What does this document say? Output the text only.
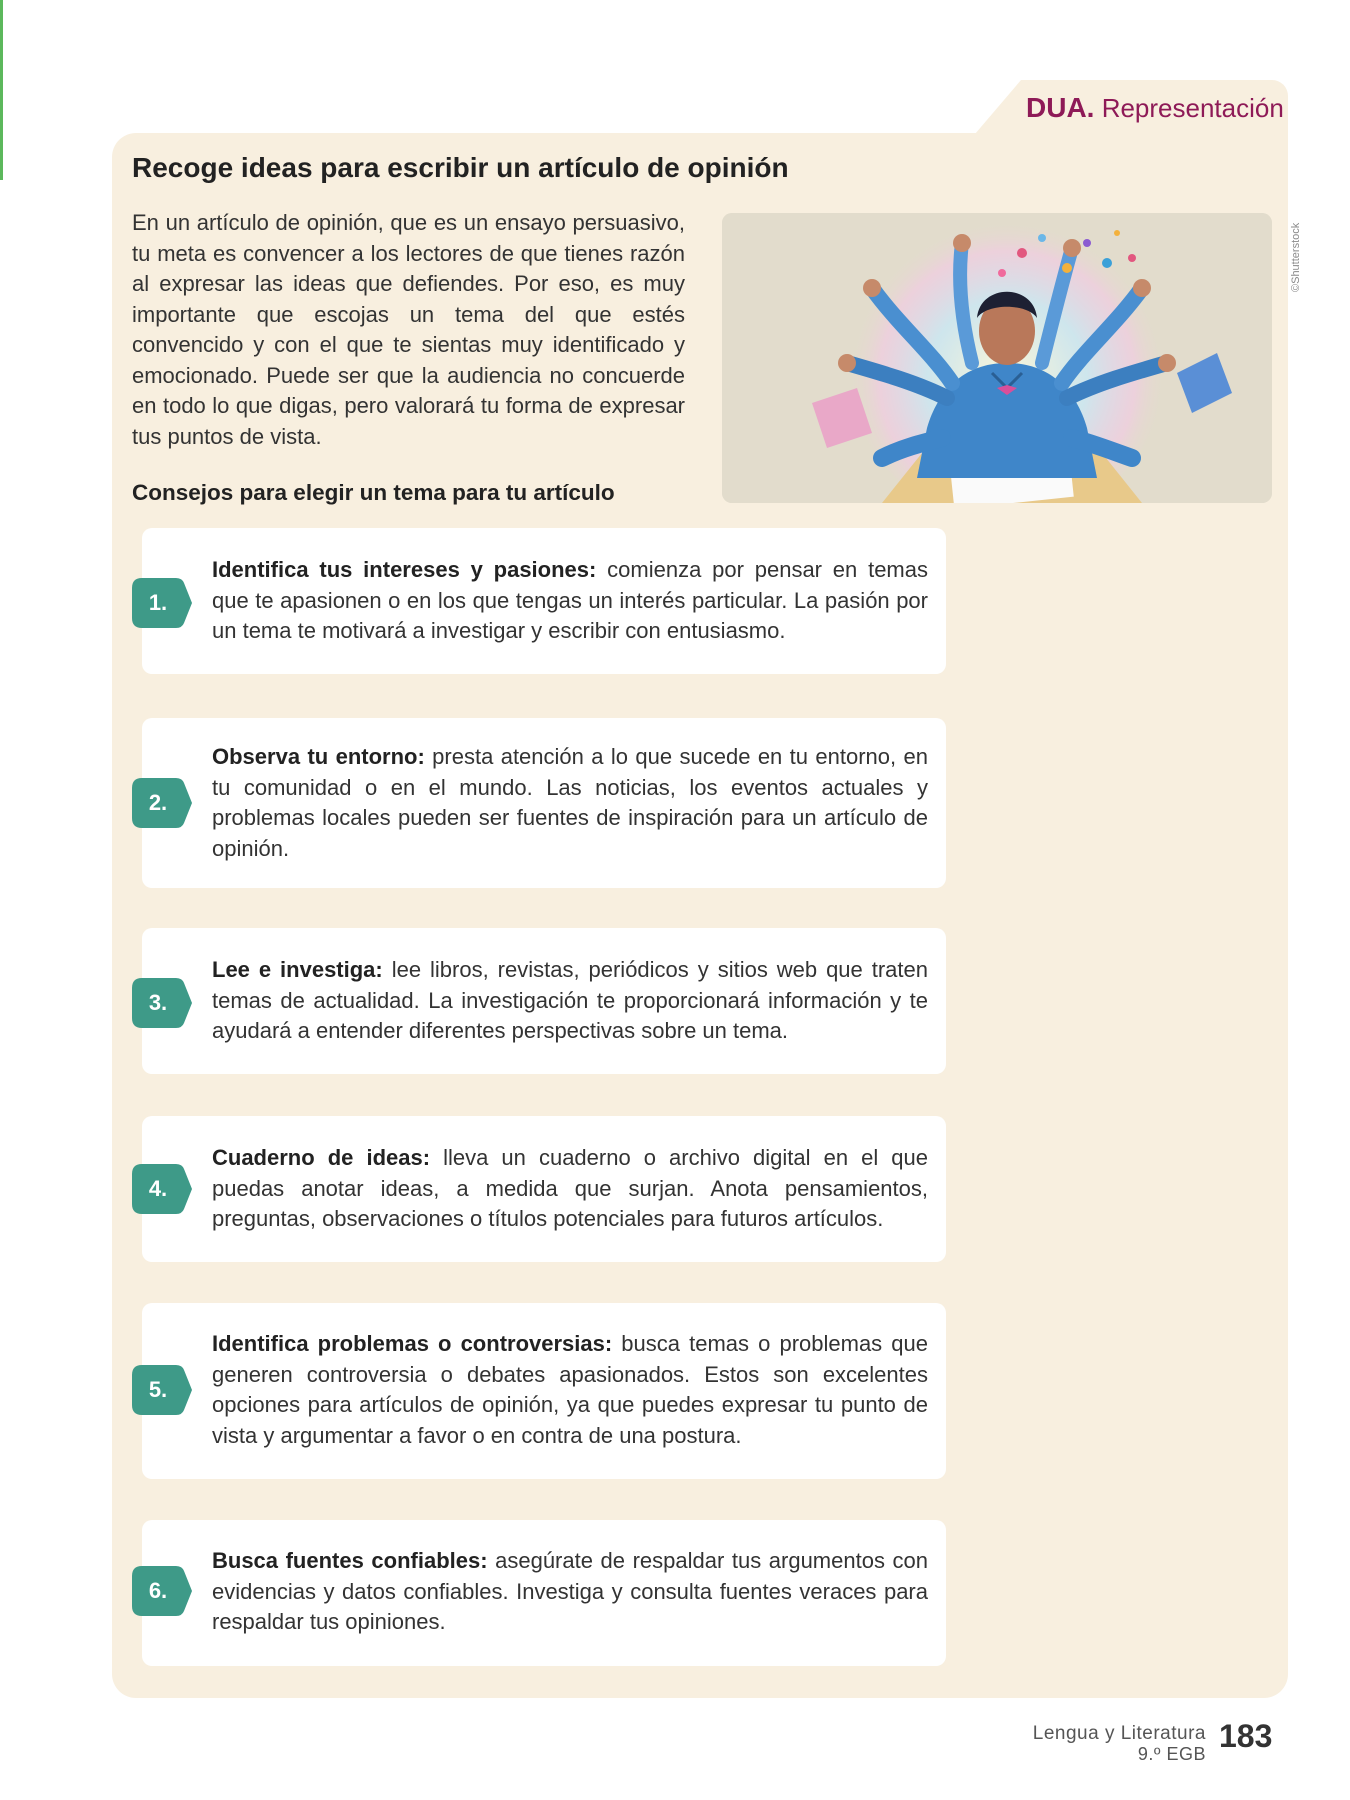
DUA. Representación
Recoge ideas para escribir un artículo de opinión

En un artículo de opinión, que es un ensayo persuasivo, tu meta es convencer a los lectores de que tienes razón al expresar las ideas que defiendes. Por eso, es muy importante que escojas un tema del que estés convencido y con el que te sientas muy identificado y emocionado. Puede ser que la audiencia no concuerde en todo lo que digas, pero valorará tu forma de expresar tus puntos de vista.

©Shutterstock
Consejos para elegir un tema para tu artículo

Identifica tus intereses y pasiones: comienza por pensar en temas que te apasionen o en los que tengas un interés particular. La pasión por un tema te motivará a investigar y escribir con entusiasmo.

1.

Observa tu entorno: presta atención a lo que sucede en tu entorno, en tu comunidad o en el mundo. Las noticias, los eventos actuales y problemas locales pueden ser fuentes de inspiración para un artículo de opinión.

2.

Lee e investiga: lee libros, revistas, periódicos y sitios web que traten temas de actualidad. La investigación te proporcionará información y te ayudará a entender diferentes perspectivas sobre un tema.

3.

Cuaderno de ideas: lleva un cuaderno o archivo digital en el que puedas anotar ideas, a medida que surjan. Anota pensamientos, preguntas, observaciones o títulos potenciales para futuros artículos.

4.

Identifica problemas o controversias: busca temas o problemas que generen controversia o debates apasionados. Estos son excelentes opciones para artículos de opinión, ya que puedes expresar tu punto de vista y argumentar a favor o en contra de una postura.

5.

Busca fuentes confiables: asegúrate de respaldar tus argumentos con evidencias y datos confiables. Investiga y consulta fuentes veraces para respaldar tus opiniones.

6.
Lengua y Literatura
9.º EGB 183
